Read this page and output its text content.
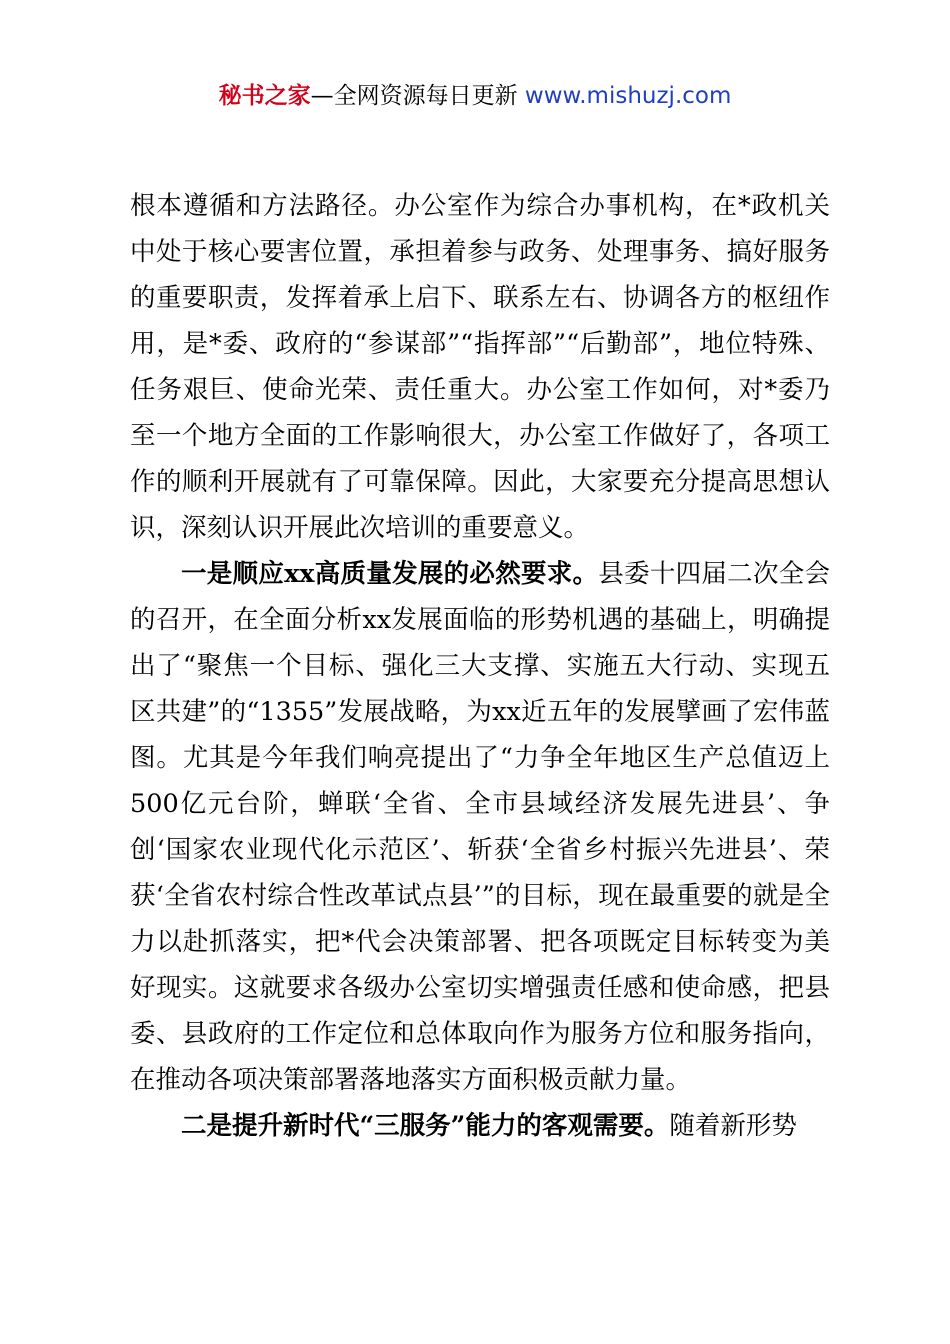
秘书之家—全网资源每日更新 www.mishuzj.com

根本遵循和方法路径。办公室作为综合办事机构，在*政机关中处于核心要害位置，承担着参与政务、处理事务、搞好服务的重要职责，发挥着承上启下、联系左右、协调各方的枢纽作用，是*委、政府的“参谋部”“指挥部”“后勤部”，地位特殊、任务艰巨、使命光荣、责任重大。办公室工作如何，对*委乃至一个地方全面的工作影响很大，办公室工作做好了，各项工作的顺利开展就有了可靠保障。因此，大家要充分提高思想认识，深刻认识开展此次培训的重要意义。

一是顺应xx高质量发展的必然要求。县委十四届二次全会的召开，在全面分析xx发展面临的形势机遇的基础上，明确提出了“聚焦一个目标、强化三大支撑、实施五大行动、实现五区共建”的“1355”发展战略，为xx近五年的发展擘画了宏伟蓝图。尤其是今年我们响亮提出了“力争全年地区生产总值迈上500亿元台阶，蝉联‘全省、全市县域经济发展先进县’、争创‘国家农业现代化示范区’、斩获‘全省乡村振兴先进县’、荣获‘全省农村综合性改革试点县’”的目标，现在最重要的就是全力以赴抓落实，把*代会决策部署、把各项既定目标转变为美好现实。这就要求各级办公室切实增强责任感和使命感，把县委、县政府的工作定位和总体取向作为服务方位和服务指向，在推动各项决策部署落地落实方面积极贡献力量。

二是提升新时代“三服务”能力的客观需要。随着新形势
